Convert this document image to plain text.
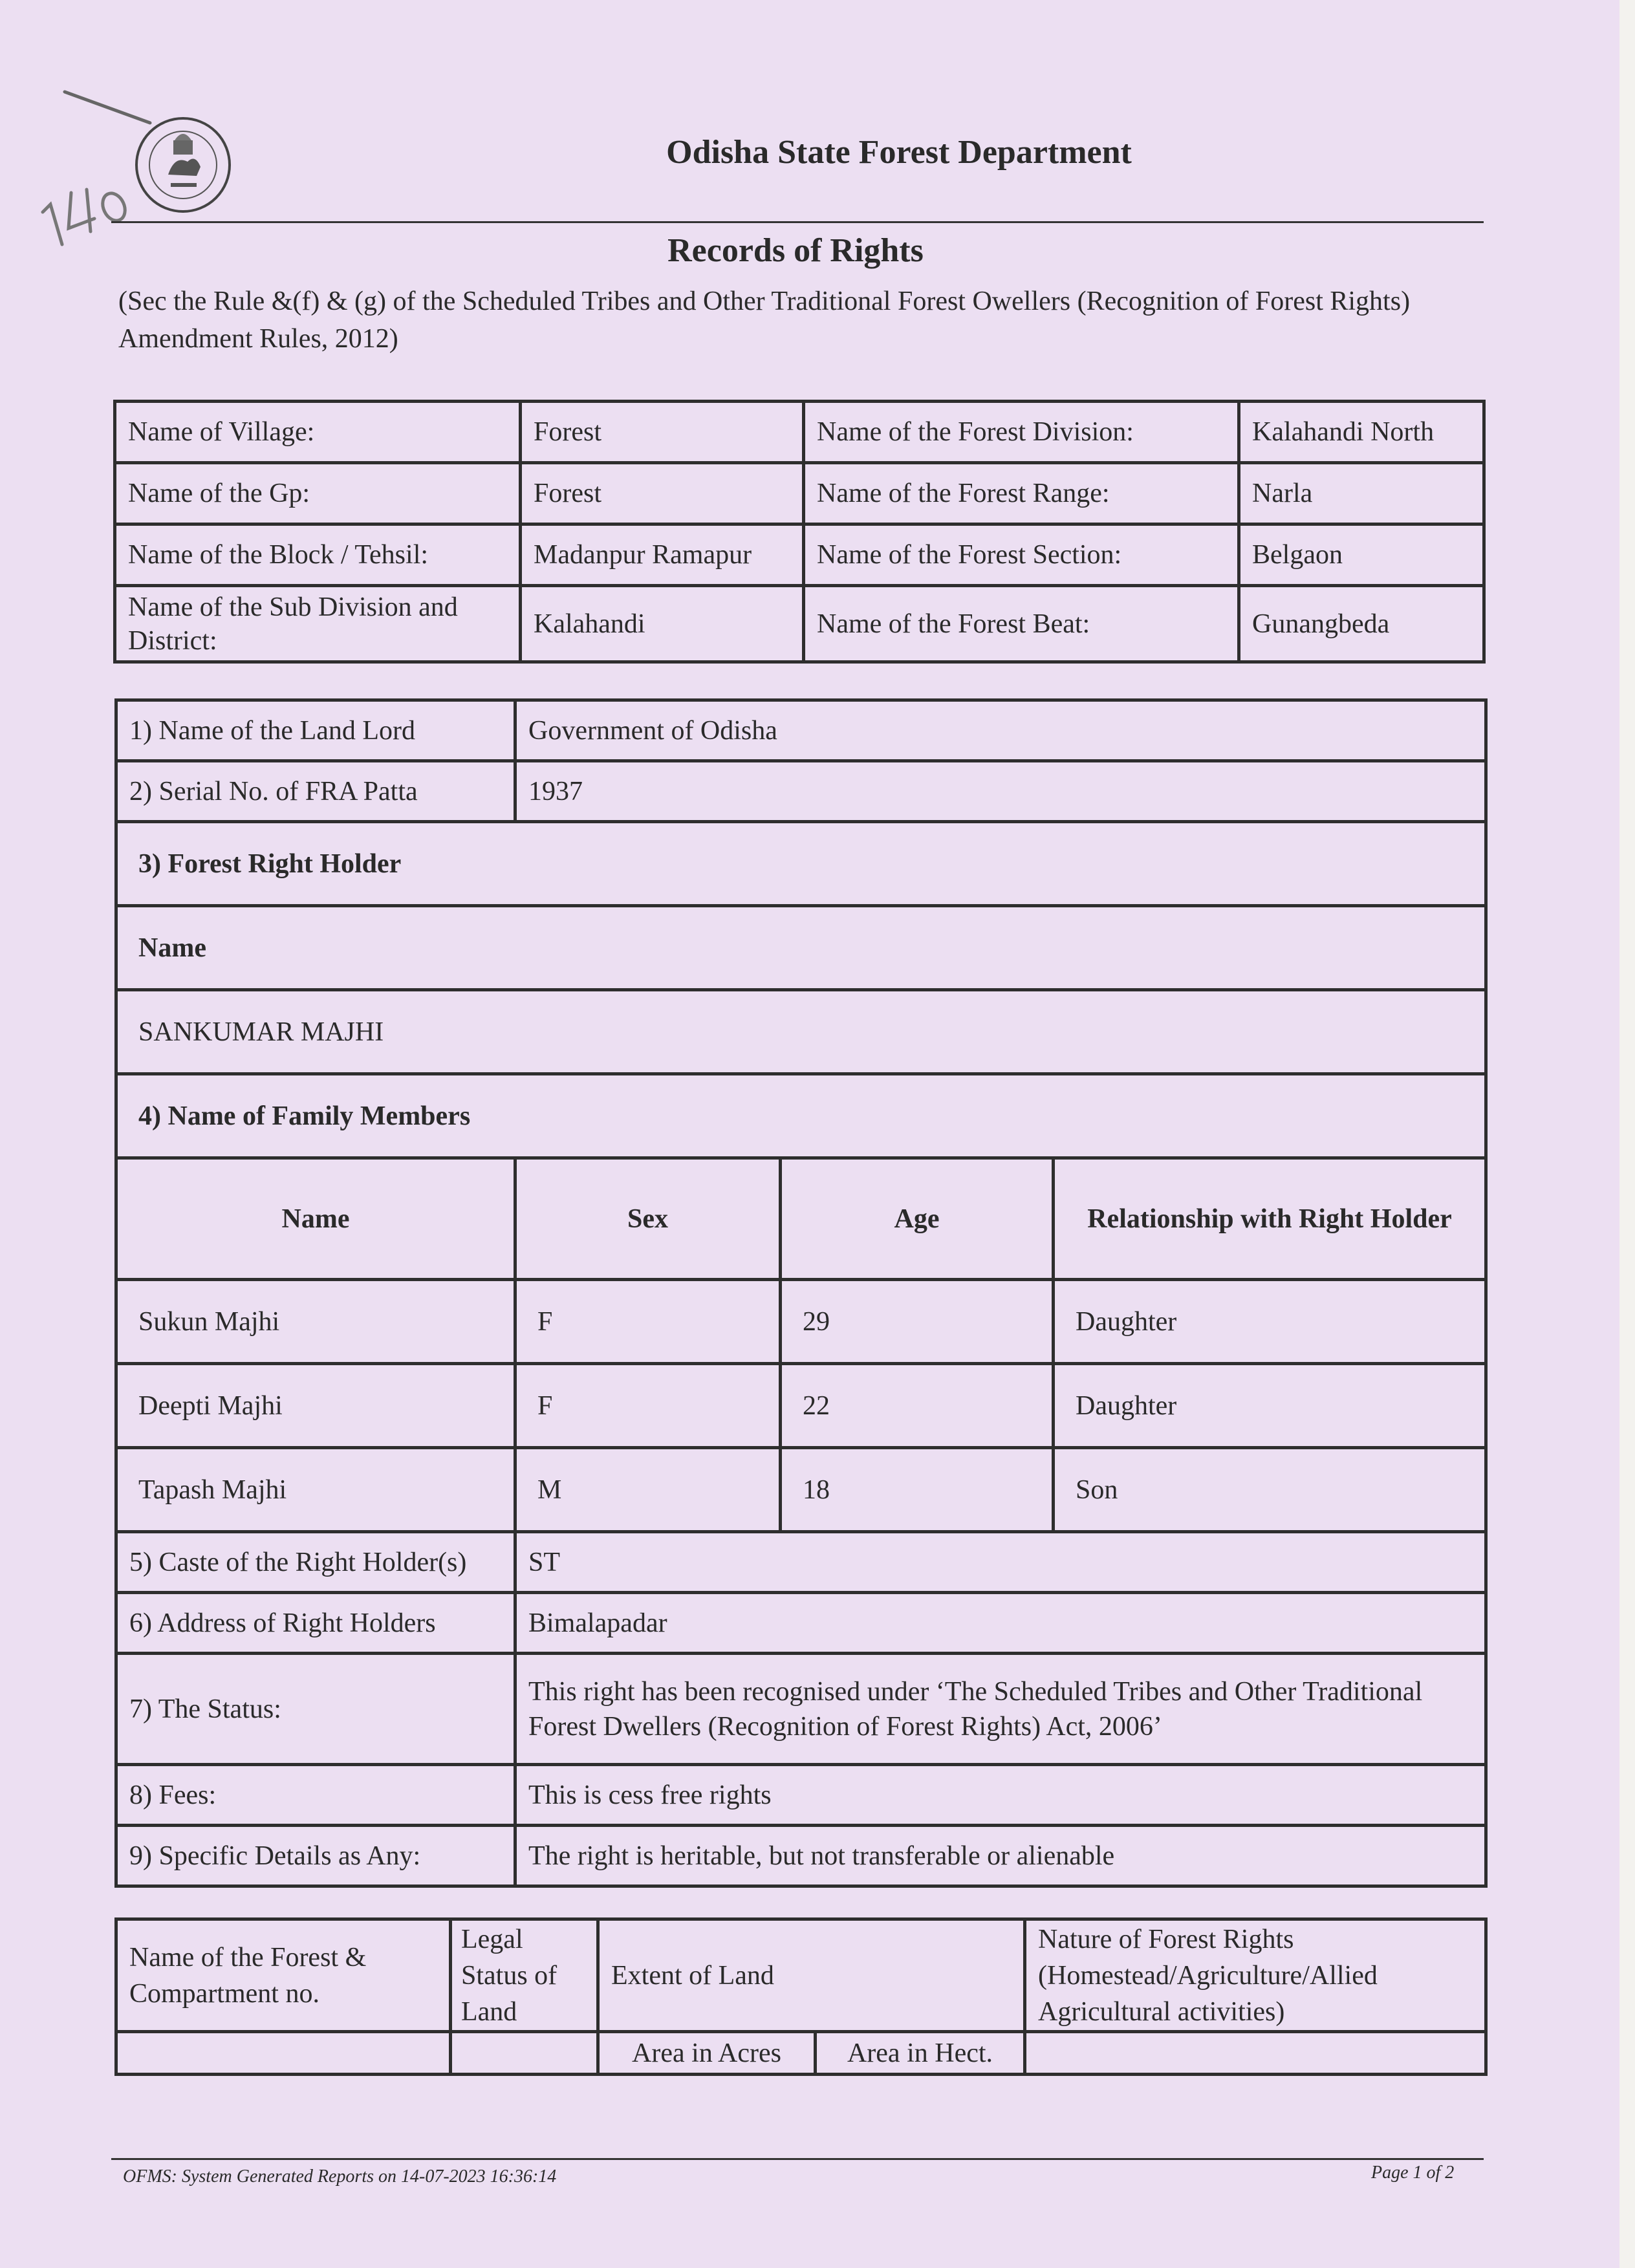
Odisha State Forest Department
Records of Rights
(Sec the Rule &(f) & (g) of the Scheduled Tribes and Other Traditional Forest Owellers (Recognition of Forest Rights) Amendment Rules, 2012)
Name of Village:	Forest	Name of the Forest Division:	Kalahandi North
Name of the Gp:	Forest	Name of the Forest Range:	Narla
Name of the Block / Tehsil:	Madanpur Ramapur	Name of the Forest Section:	Belgaon
Name of the Sub Division and District:	Kalahandi	Name of the Forest Beat:	Gunangbeda
1) Name of the Land Lord	Government of Odisha		
2) Serial No. of FRA Patta	1937		
3) Forest Right Holder			
Name			
SANKUMAR MAJHI			
4) Name of Family Members			
Name	Sex	Age	Relationship with Right Holder
Sukun Majhi	F	29	Daughter
Deepti Majhi	F	22	Daughter
Tapash Majhi	M	18	Son
5) Caste of the Right Holder(s)	ST		
6) Address of Right Holders	Bimalapadar		
7) The Status:	This right has been recognised under ‘The Scheduled Tribes and Other Traditional
Forest Dwellers (Recognition of Forest Rights) Act, 2006’		

8) Fees:	This is cess free rights		
9) Specific Details as Any:	The right is heritable, but not transferable or alienable		
Name of the Forest & Compartment no.	Legal Status of Land	Extent of Land		Nature of Forest Rights (Homestead/Agriculture/Allied Agricultural activities)
		Area in Acres	Area in Hect.	
OFMS: System Generated Reports on 14-07-2023 16:36:14	Page 1 of 2
